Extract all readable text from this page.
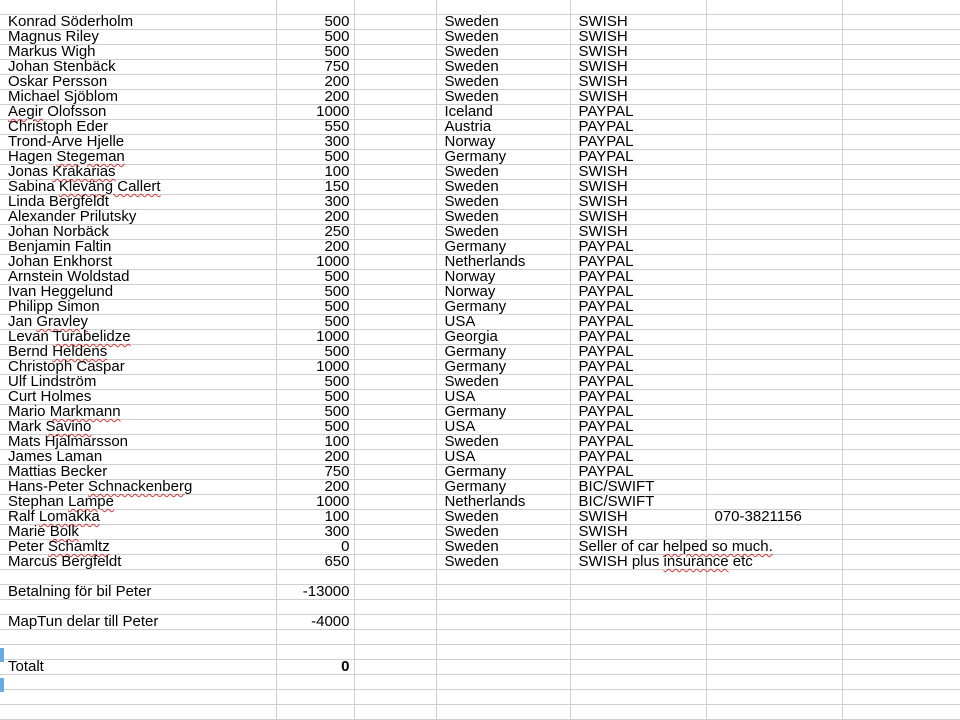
Konrad Söderholm	500		Sweden	SWISH		
Magnus Riley	500		Sweden	SWISH		
Markus Wigh	500		Sweden	SWISH		
Johan Stenbäck	750		Sweden	SWISH		
Oskar Persson	200		Sweden	SWISH		
Michael Sjöblom	200		Sweden	SWISH		
Aegir Olofsson	1000		Iceland	PAYPAL		
Christoph Eder	550		Austria	PAYPAL		
Trond-Arve Hjelle	300		Norway	PAYPAL		
Hagen Stegeman	500		Germany	PAYPAL		
Jonas Krakarias	100		Sweden	SWISH		
Sabina Kleväng Callert	150		Sweden	SWISH		
Linda Bergfeldt	300		Sweden	SWISH		
Alexander Prilutsky	200		Sweden	SWISH		
Johan Norbäck	250		Sweden	SWISH		
Benjamin Faltin	200		Germany	PAYPAL		
Johan Enkhorst	1000		Netherlands	PAYPAL		
Arnstein Woldstad	500		Norway	PAYPAL		
Ivan Heggelund	500		Norway	PAYPAL		
Philipp Simon	500		Germany	PAYPAL		
Jan Gravley	500		USA	PAYPAL		
Levan Turabelidze	1000		Georgia	PAYPAL		
Bernd Heldens	500		Germany	PAYPAL		
Christoph Caspar	1000		Germany	PAYPAL		
Ulf Lindström	500		Sweden	PAYPAL		
Curt Holmes	500		USA	PAYPAL		
Mario Markmann	500		Germany	PAYPAL		
Mark Savino	500		USA	PAYPAL		
Mats Hjalmarsson	100		Sweden	PAYPAL		
James Laman	200		USA	PAYPAL		
Mattias Becker	750		Germany	PAYPAL		
Hans-Peter Schnackenberg	200		Germany	BIC/SWIFT		
Stephan Lampe	1000		Netherlands	BIC/SWIFT		
Ralf Lomakka	100		Sweden	SWISH	070-3821156	
Marie Bolk	300		Sweden	SWISH		
Peter Schamltz	0		Sweden	Seller of car helped so much.		
Marcus Bergfeldt	650		Sweden	SWISH plus insurance etc		

Betalning för bil Peter	-13000					

MapTun delar till Peter	-4000					

Totalt	0					
